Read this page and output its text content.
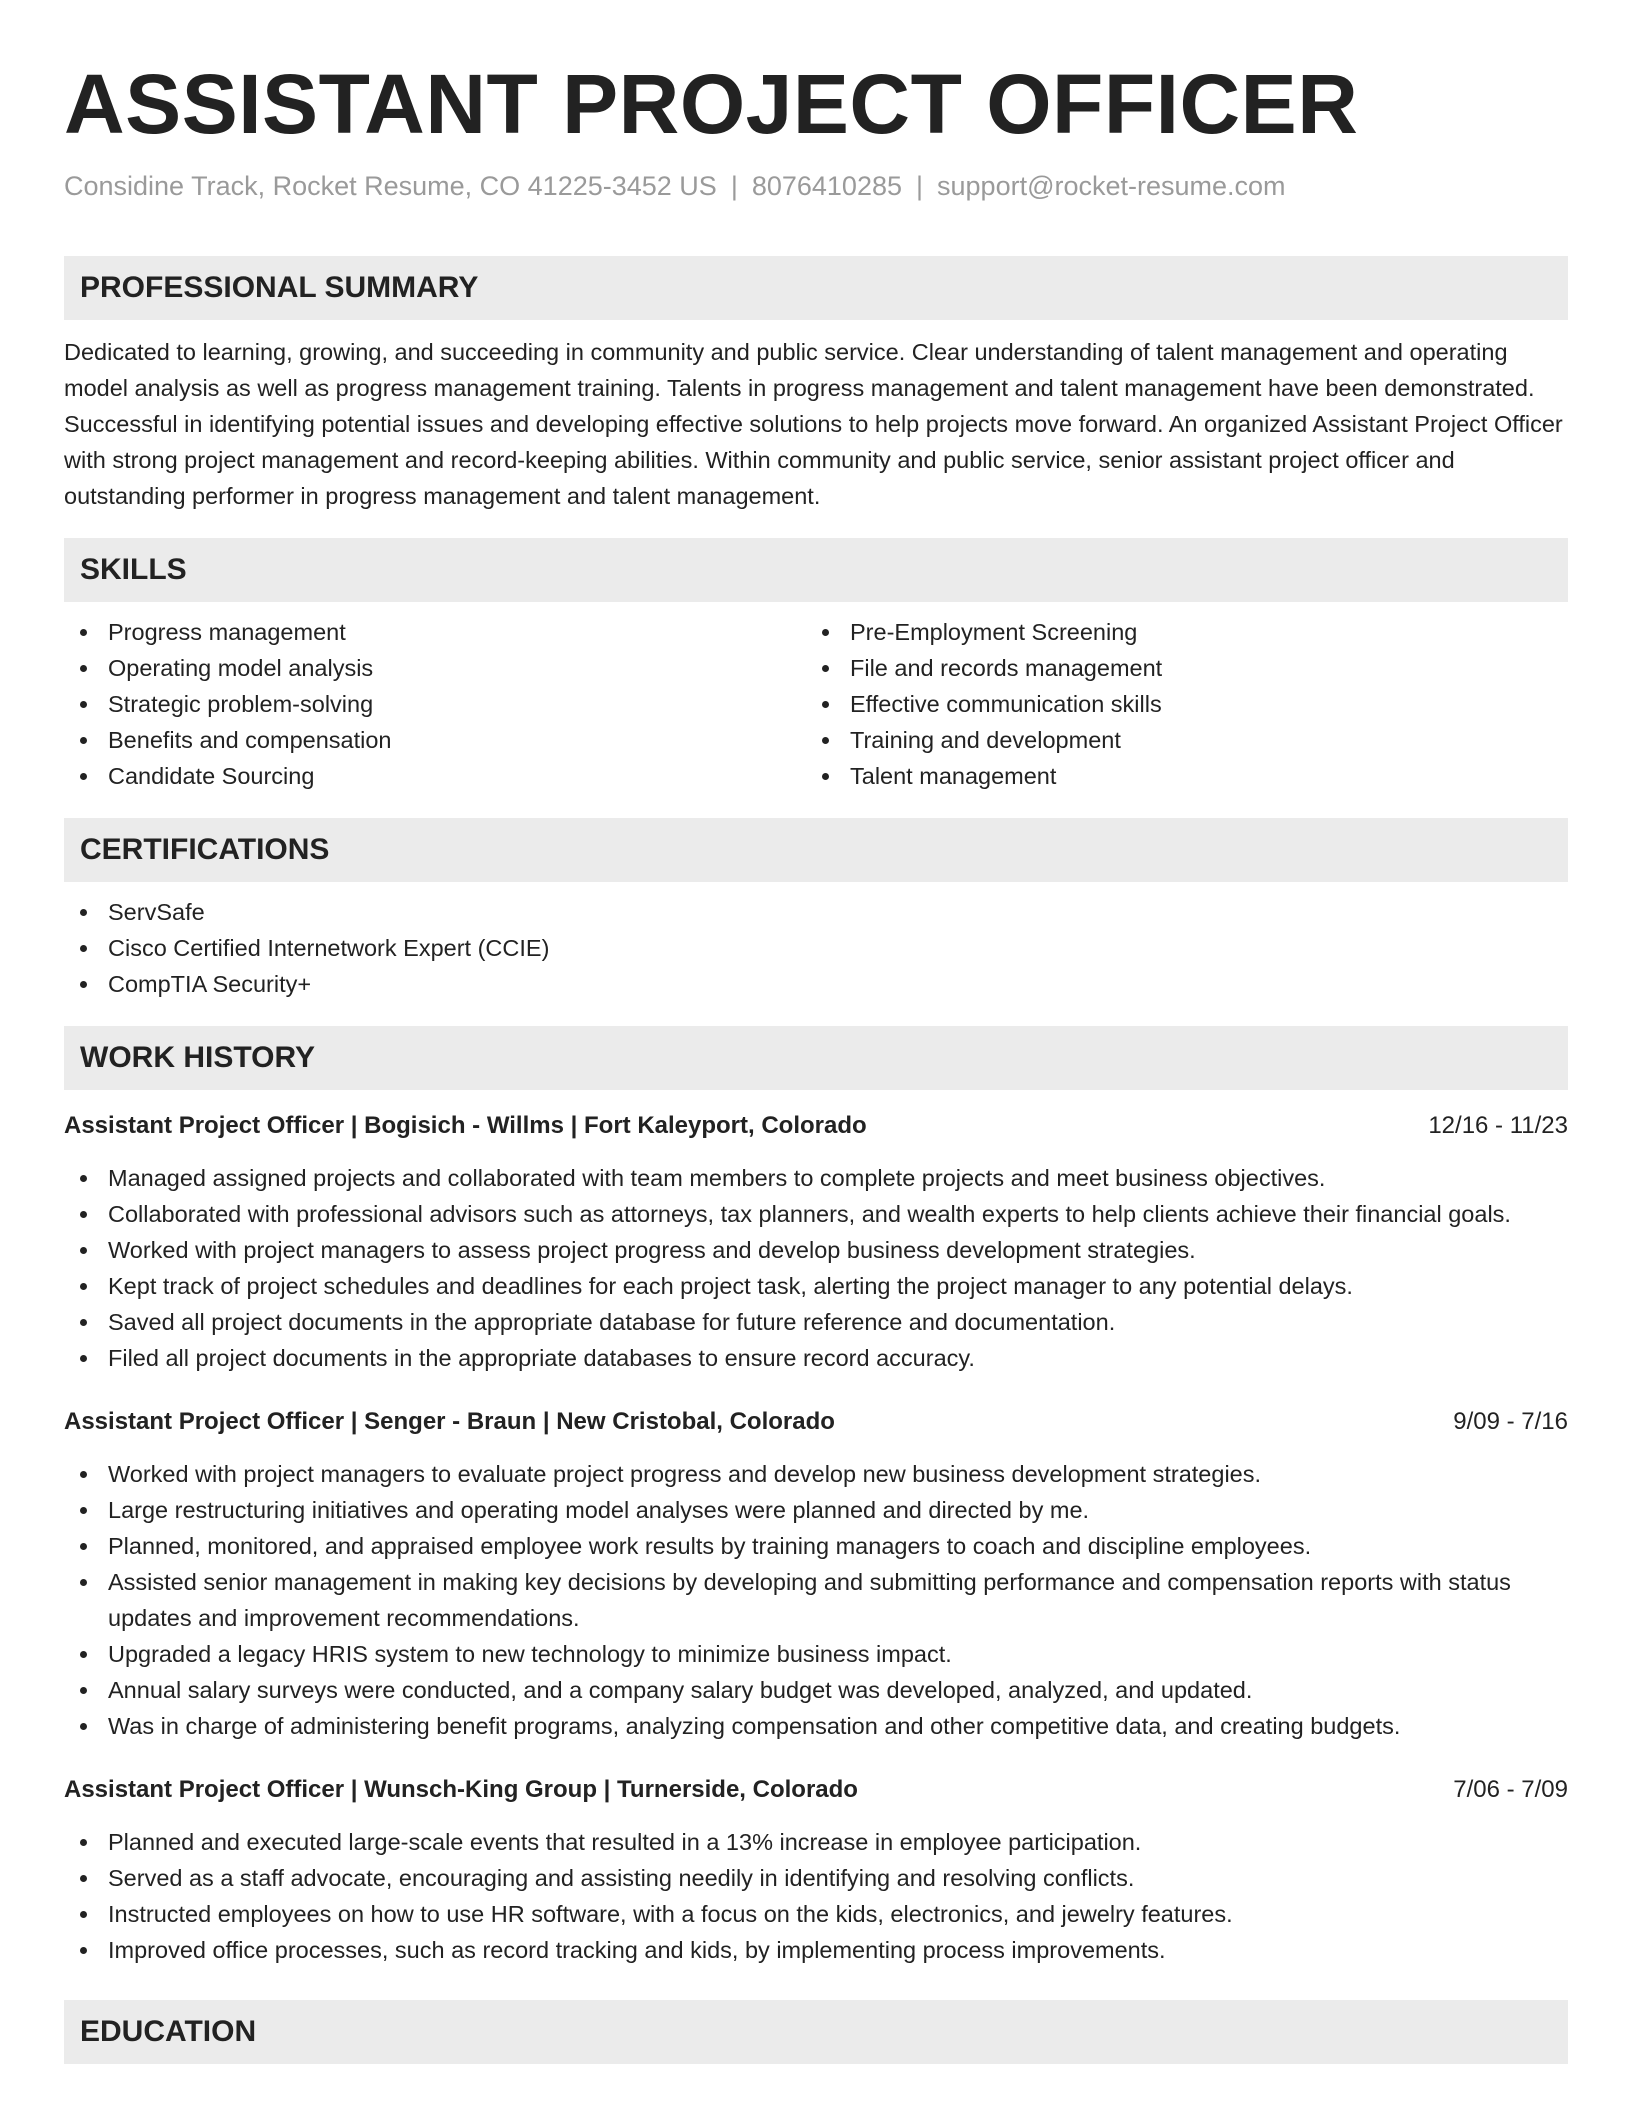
ASSISTANT PROJECT OFFICER
Considine Track, Rocket Resume, CO 41225-3452 US | 8076410285 | support@rocket-resume.com
PROFESSIONAL SUMMARY

Dedicated to learning, growing, and succeeding in community and public service. Clear understanding of talent management and operating model analysis as well as progress management training. Talents in progress management and talent management have been demonstrated. Successful in identifying potential issues and developing effective solutions to help projects move forward. An organized Assistant Project Officer with strong project management and record-keeping abilities. Within community and public service, senior assistant project officer and outstanding performer in progress management and talent management.

SKILLS
Progress management
Operating model analysis
Strategic problem-solving
Benefits and compensation
Candidate Sourcing
Pre-Employment Screening
File and records management
Effective communication skills
Training and development
Talent management
CERTIFICATIONS
ServSafe
Cisco Certified Internetwork Expert (CCIE)
CompTIA Security+
WORK HISTORY
Assistant Project Officer | Bogisich - Willms | Fort Kaleyport, Colorado	12/16 - 11/23
Managed assigned projects and collaborated with team members to complete projects and meet business objectives.
Collaborated with professional advisors such as attorneys, tax planners, and wealth experts to help clients achieve their financial goals.
Worked with project managers to assess project progress and develop business development strategies.
Kept track of project schedules and deadlines for each project task, alerting the project manager to any potential delays.
Saved all project documents in the appropriate database for future reference and documentation.
Filed all project documents in the appropriate databases to ensure record accuracy.
Assistant Project Officer | Senger - Braun | New Cristobal, Colorado	9/09 - 7/16
Worked with project managers to evaluate project progress and develop new business development strategies.
Large restructuring initiatives and operating model analyses were planned and directed by me.
Planned, monitored, and appraised employee work results by training managers to coach and discipline employees.
Assisted senior management in making key decisions by developing and submitting performance and compensation reports with status updates and improvement recommendations.
Upgraded a legacy HRIS system to new technology to minimize business impact.
Annual salary surveys were conducted, and a company salary budget was developed, analyzed, and updated.
Was in charge of administering benefit programs, analyzing compensation and other competitive data, and creating budgets.
Assistant Project Officer | Wunsch-King Group | Turnerside, Colorado	7/06 - 7/09
Planned and executed large-scale events that resulted in a 13% increase in employee participation.
Served as a staff advocate, encouraging and assisting needily in identifying and resolving conflicts.
Instructed employees on how to use HR software, with a focus on the kids, electronics, and jewelry features.
Improved office processes, such as record tracking and kids, by implementing process improvements.
EDUCATION
